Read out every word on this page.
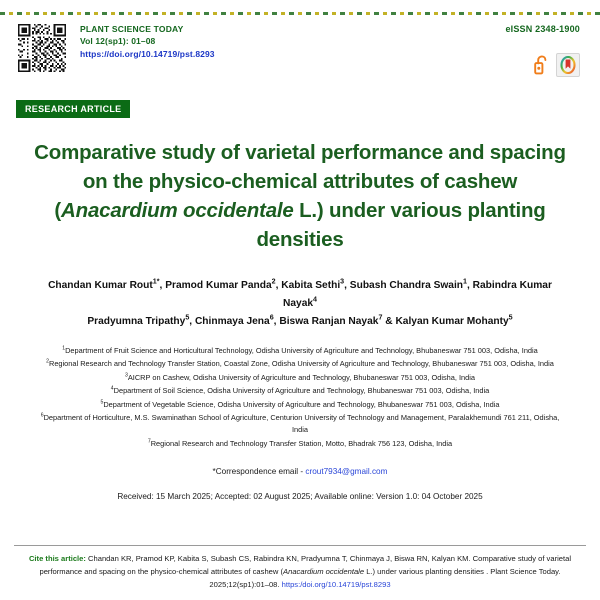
PLANT SCIENCE TODAY
Vol 12(sp1): 01–08
https://doi.org/10.14719/pst.8293
eISSN 2348-1900
RESEARCH ARTICLE
Comparative study of varietal performance and spacing on the physico-chemical attributes of cashew (Anacardium occidentale L.) under various planting densities
Chandan Kumar Rout$^{1*}$, Pramod Kumar Panda$^2$, Kabita Sethi$^3$, Subash Chandra Swain$^1$, Rabindra Kumar Nayak$^4$
Pradyumna Tripathy$^5$, Chinmaya Jena$^6$, Biswa Ranjan Nayak$^7$ & Kalyan Kumar Mohanty$^5$
$^1$Department of Fruit Science and Horticultural Technology, Odisha University of Agriculture and Technology, Bhubaneswar 751 003, Odisha, India
$^2$Regional Research and Technology Transfer Station, Coastal Zone, Odisha University of Agriculture and Technology, Bhubaneswar 751 003, Odisha, India
$^3$AICRP on Cashew, Odisha University of Agriculture and Technology, Bhubaneswar 751 003, Odisha, India
$^4$Department of Soil Science, Odisha University of Agriculture and Technology, Bhubaneswar 751 003, Odisha, India
$^5$Department of Vegetable Science, Odisha University of Agriculture and Technology, Bhubaneswar 751 003, Odisha, India
$^6$Department of Horticulture, M.S. Swaminathan School of Agriculture, Centurion University of Technology and Management, Paralakhemundi 761 211, Odisha, India
$^7$Regional Research and Technology Transfer Station, Motto, Bhadrak 756 123, Odisha, India
*Correspondence email - crout7934@gmail.com
Received: 15 March 2025; Accepted: 02 August 2025; Available online: Version 1.0: 04 October 2025
Cite this article: Chandan KR, Pramod KP, Kabita S, Subash CS, Rabindra KN, Pradyumna T, Chinmaya J, Biswa RN, Kalyan KM. Comparative study of varietal performance and spacing on the physico-chemical attributes of cashew (Anacardium occidentale L.) under various planting densities . Plant Science Today. 2025;12(sp1):01–08. https:/doi.org/10.14719/pst.8293
